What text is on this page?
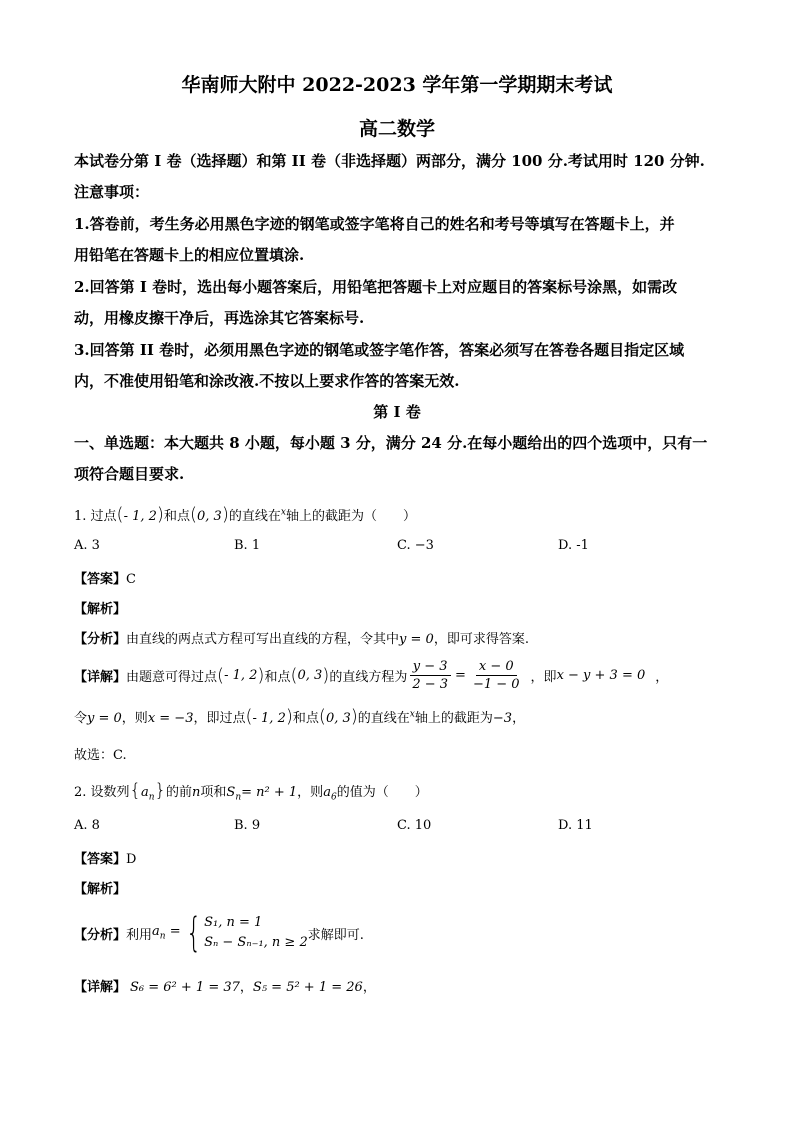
华南师大附中 2022-2023 学年第一学期期末考试
高二数学
本试卷分第 I 卷（选择题）和第 II 卷（非选择题）两部分，满分 100 分.考试用时 120 分钟.
注意事项：
1.答卷前，考生务必用黑色字迹的钢笔或签字笔将自己的姓名和考号等填写在答题卡上，并
用铅笔在答题卡上的相应位置填涂.
2.回答第 I 卷时，选出每小题答案后，用铅笔把答题卡上对应题目的答案标号涂黑，如需改
动，用橡皮擦干净后，再选涂其它答案标号.
3.回答第 II 卷时，必须用黑色字迹的钢笔或签字笔作答，答案必须写在答卷各题目指定区域
内，不准使用铅笔和涂改液.不按以上要求作答的答案无效.
第 I 卷
一、单选题：本大题共 8 小题，每小题 3 分，满分 24 分.在每小题给出的四个选项中，只有一
项符合题目要求.
1. 过点(- 1, 2)和点(0, 3)的直线在$^x$轴上的截距为（　　）
A. 3	B. 1	C. −3	D. -1
【答案】C
【解析】
【分析】由直线的两点式方程可写出直线的方程，令其中y = 0，即可求得答案.
【详解】 由题意可得过点 ( - 1, 2 ) 和点 ( 0, 3 ) 的直线方程为 $\frac{y - 3}{2 - 3} = \frac{x - 0}{-1 - 0}$ ，即 x − y + 3 = 0 ，
令y = 0，则x = −3，即过点(- 1, 2)和点(0, 3)的直线在$^x$轴上的截距为−3，
故选：C.
2. 设数列$\{a_n\}$的前n项和$S_n= n^2 + 1$，则$a_6$的值为（　　）
A. 8	B. 9	C. 10	D. 11
【答案】D
【解析】
【分析】 利用 $a_n$ = { S₁, n = 1
Sₙ − Sₙ₋₁, n ≥ 2 求解即可.
【详解】 S₆ = 6² + 1 = 37，S₅ = 5² + 1 = 26，
